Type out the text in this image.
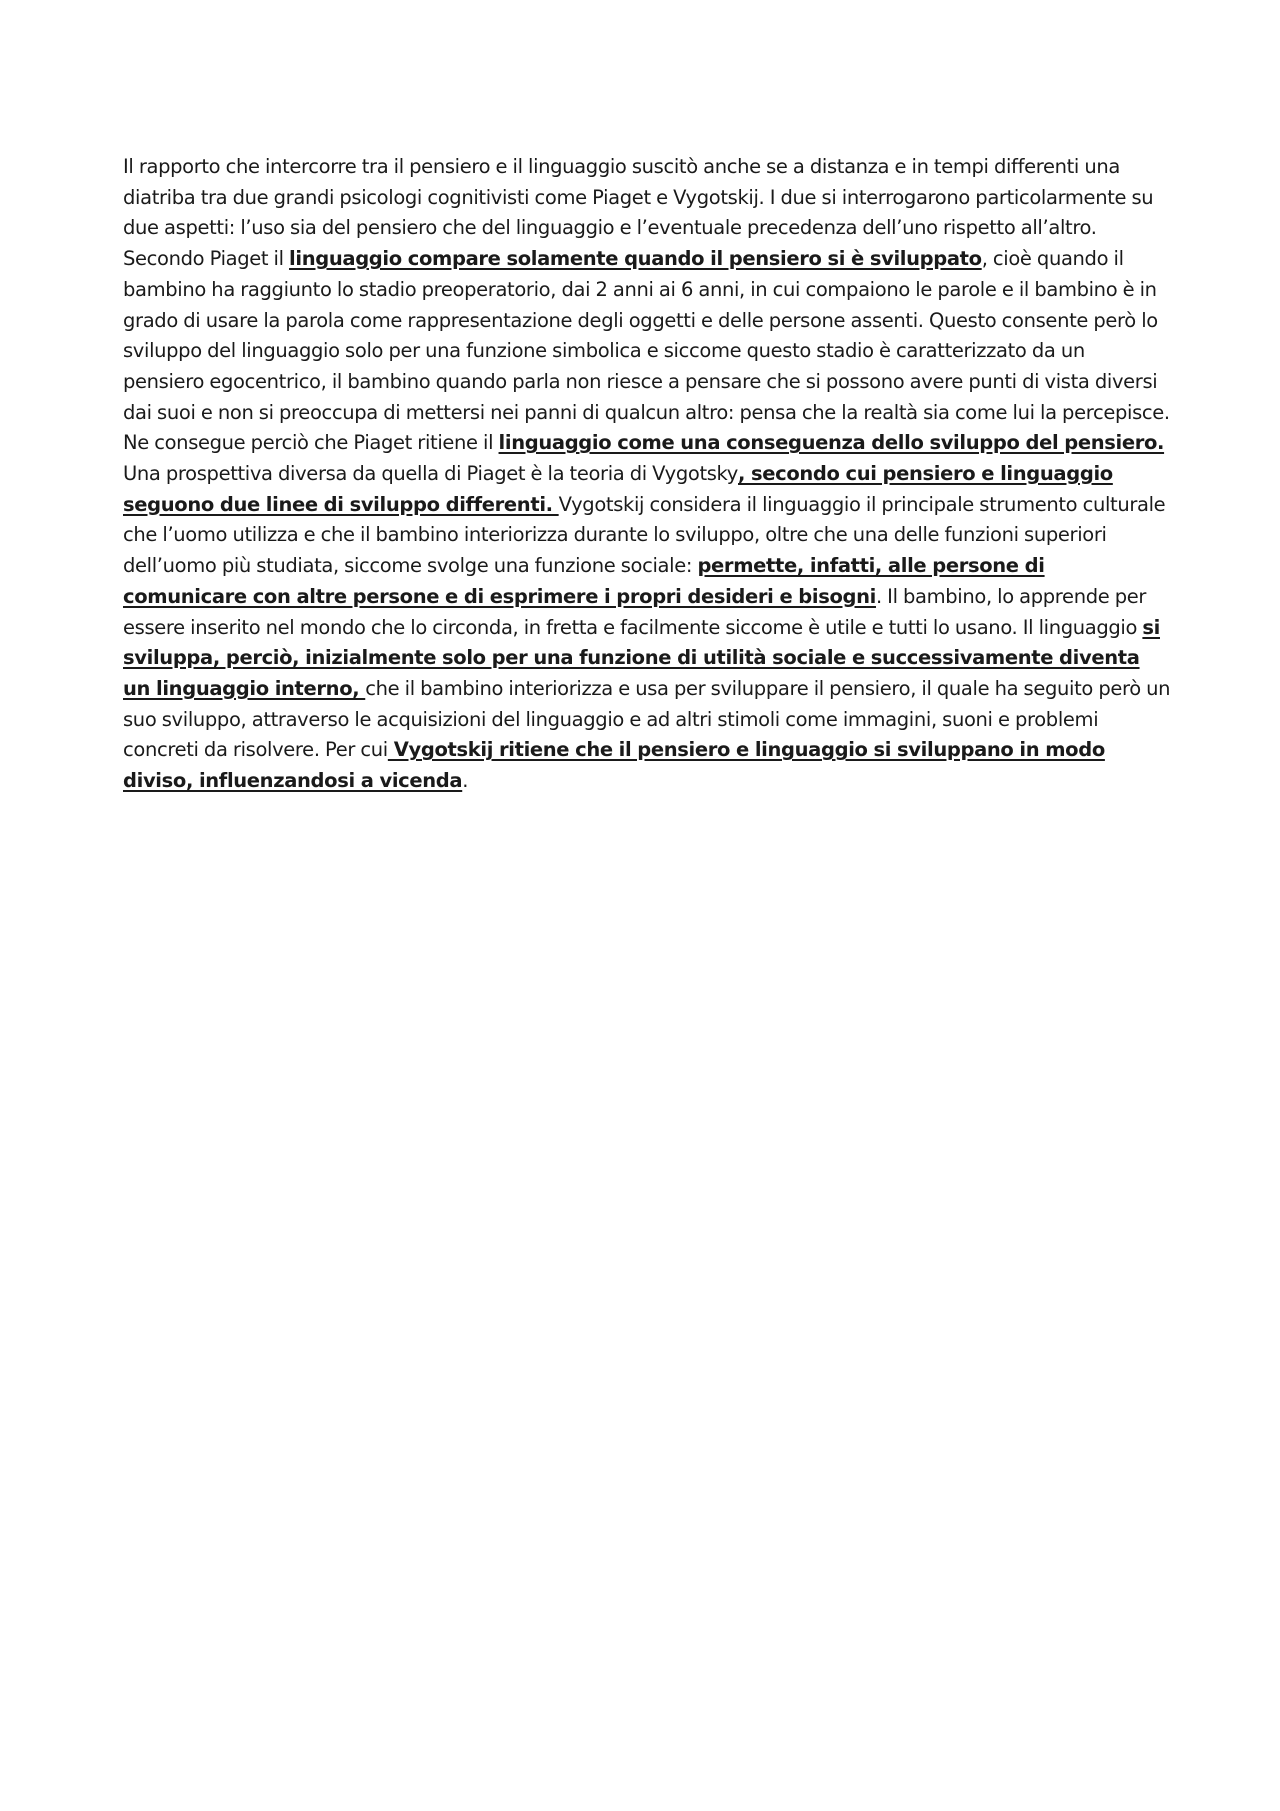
Il rapporto che intercorre tra il pensiero e il linguaggio suscitò anche se a distanza e in tempi differenti una diatriba tra due grandi psicologi cognitivisti come Piaget e Vygotskij. I due si interrogarono particolarmente su due aspetti: l’uso sia del pensiero che del linguaggio e l’eventuale precedenza dell’uno rispetto all’altro. Secondo Piaget il linguaggio compare solamente quando il pensiero si è sviluppato, cioè quando il bambino ha raggiunto lo stadio preoperatorio, dai 2 anni ai 6 anni, in cui compaiono le parole e il bambino è in grado di usare la parola come rappresentazione degli oggetti e delle persone assenti. Questo consente però lo sviluppo del linguaggio solo per una funzione simbolica e siccome questo stadio è caratterizzato da un pensiero egocentrico, il bambino quando parla non riesce a pensare che si possono avere punti di vista diversi dai suoi e non si preoccupa di mettersi nei panni di qualcun altro: pensa che la realtà sia come lui la percepisce. Ne consegue perciò che Piaget ritiene il linguaggio come una conseguenza dello sviluppo del pensiero. Una prospettiva diversa da quella di Piaget è la teoria di Vygotsky, secondo cui pensiero e linguaggio seguono due linee di sviluppo differenti. Vygotskij considera il linguaggio il principale strumento culturale che l’uomo utilizza e che il bambino interiorizza durante lo sviluppo, oltre che una delle funzioni superiori dell’uomo più studiata, siccome svolge una funzione sociale: permette, infatti, alle persone di comunicare con altre persone e di esprimere i propri desideri e bisogni. Il bambino, lo apprende per essere inserito nel mondo che lo circonda, in fretta e facilmente siccome è utile e tutti lo usano. Il linguaggio si sviluppa, perciò, inizialmente solo per una funzione di utilità sociale e successivamente diventa un linguaggio interno, che il bambino interiorizza e usa per sviluppare il pensiero, il quale ha seguito però un suo sviluppo, attraverso le acquisizioni del linguaggio e ad altri stimoli come immagini, suoni e problemi concreti da risolvere. Per cui Vygotskij ritiene che il pensiero e linguaggio si sviluppano in modo diviso, influenzandosi a vicenda.
